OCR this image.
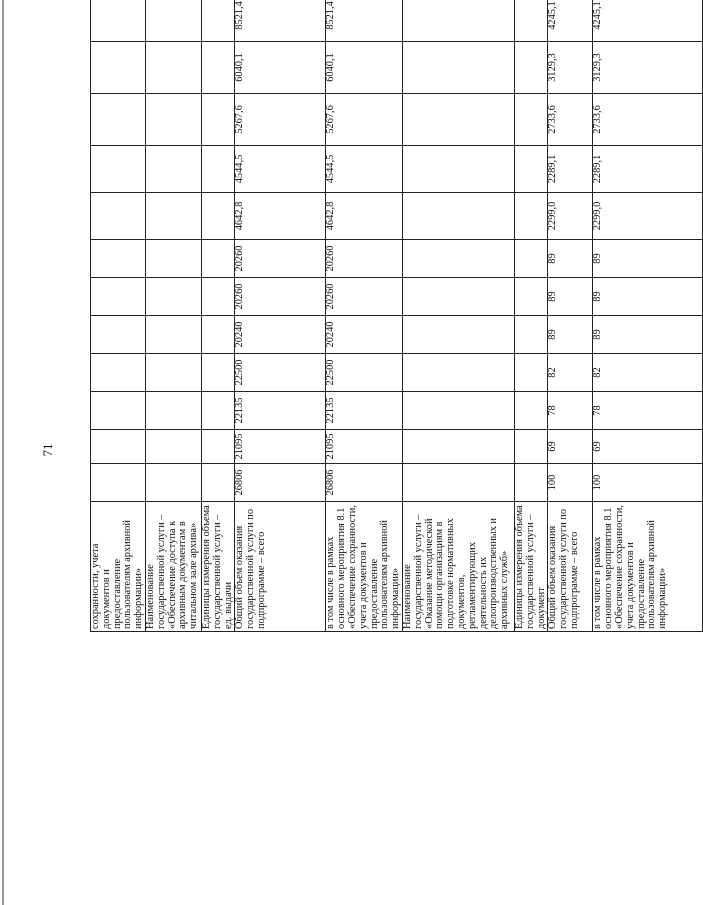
71
сохранности, учета документов и предоставление пользователям архивной информации»															
Наименование государственной услуги – «Обеспечение доступа к архивным документам в читальном зале архива»															
Единицы измерения объема государственной услуги – ед. выдачи															
Общий объем оказания государственной услуги по подпрограмме – всего	26806	21095	22135	22500	20240	20260	20260	4642,8	4544,5	5267,6	6040,1	8521,4			
в том числе в рамках основного мероприятия 8.1 «Обеспечение сохранности, учета документов и предоставление пользователям архивной информации»	26806	21095	22135	22500	20240	20260	20260	4642,8	4544,5	5267,6	6040,1	8521,4			
Наименование государственной услуги – «Оказание методической помощи организациям в подготовке нормативных документов, регламентирующих деятельность их делопроизводственных и архивных служб»															
Единицы измерения объема государственной услуги – документ															
Общий объем оказания государственной услуги по подпрограмме – всего	100	69	78	82	89	89	89	2299,0	2289,1	2733,6	3129,3	4245,1			
в том числе в рамках основного мероприятия 8.1 «Обеспечение сохранности, учета документов и предоставление пользователям архивной информации»	100	69	78	82	89	89	89	2299,0	2289,1	2733,6	3129,3	4245,1			
